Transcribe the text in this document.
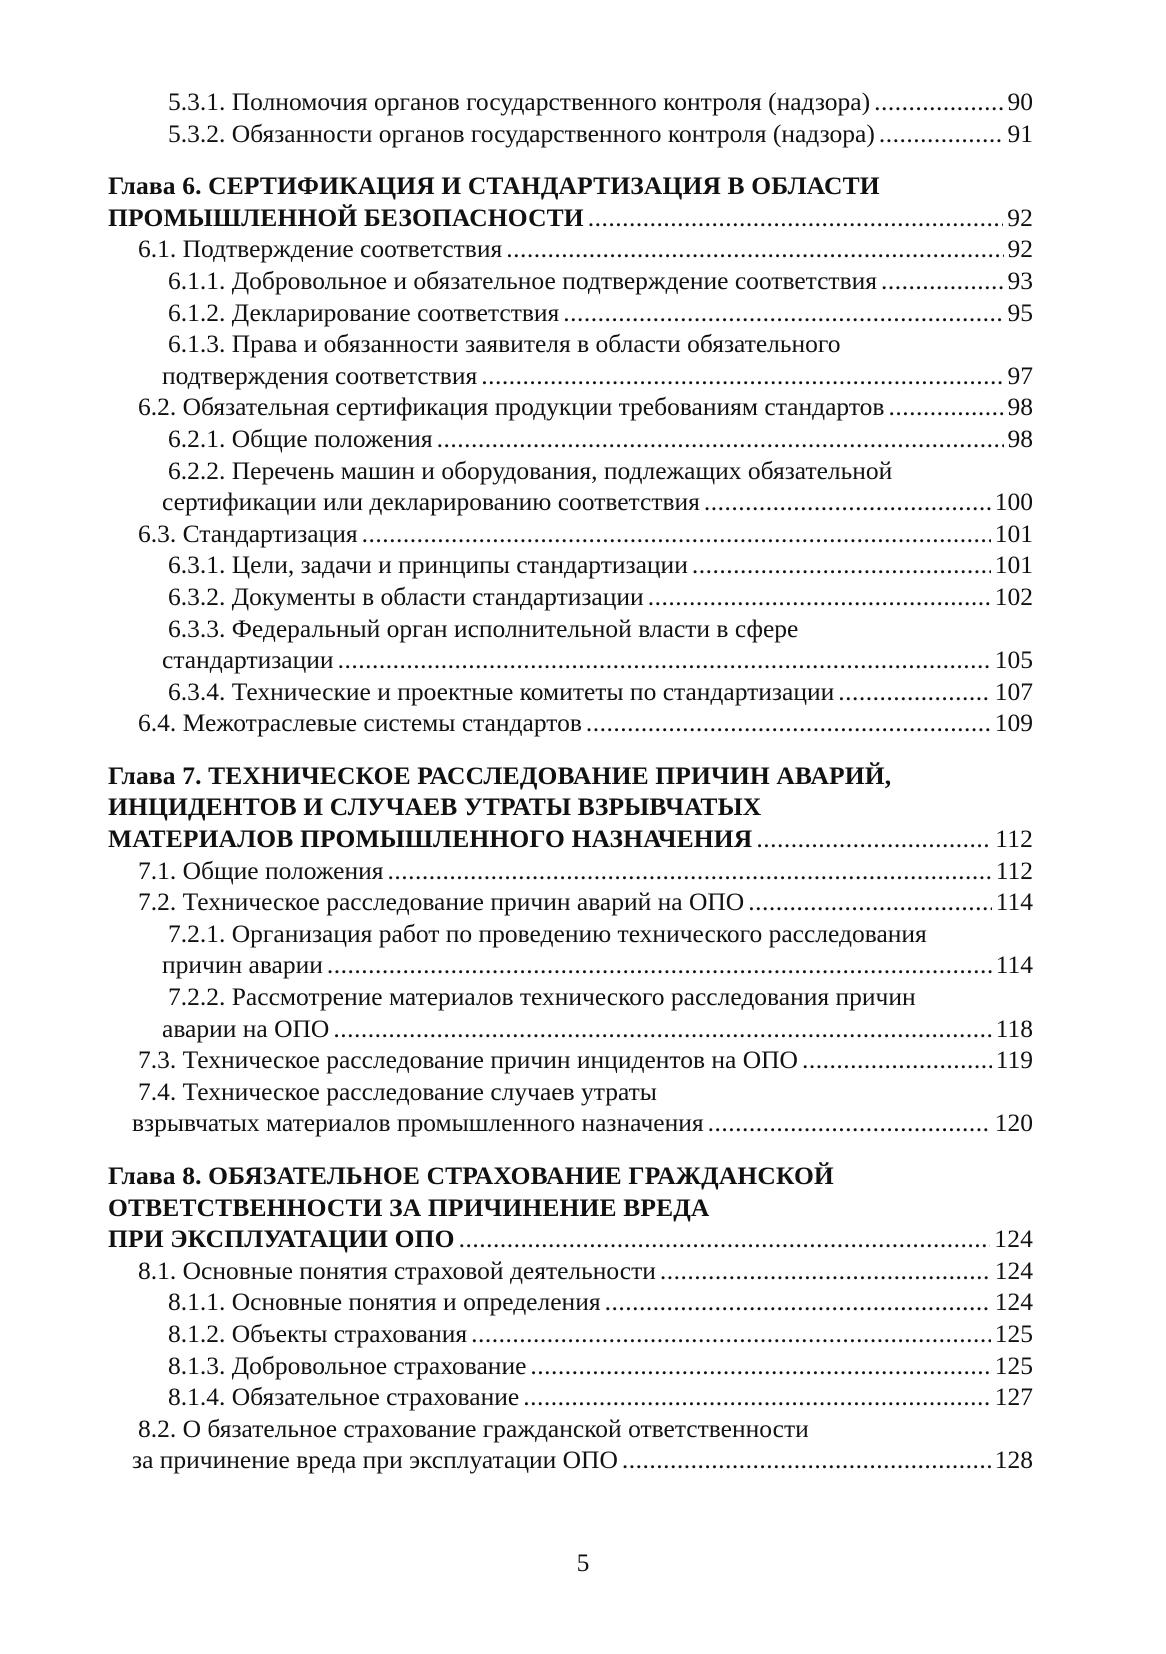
5.3.1. Полномочия органов государственного контроля (надзора) .....	90
5.3.2. Обязанности органов государственного контроля (надзора) .....	91
Глава 6. СЕРТИФИКАЦИЯ И СТАНДАРТИЗАЦИЯ В ОБЛАСТИ
ПРОМЫШЛЕННОЙ БЕЗОПАСНОСТИ .....	92
6.1. Подтверждение соответствия .....	92
6.1.1. Добровольное и обязательное подтверждение соответствия .....	93
6.1.2. Декларирование соответствия .....	95
6.1.3. Права и обязанности заявителя в области обязательного
подтверждения соответствия .....	97
6.2. Обязательная сертификация продукции требованиям стандартов .....	98
6.2.1. Общие положения .....	98
6.2.2. Перечень машин и оборудования, подлежащих обязательной
сертификации или декларированию соответствия .....	100
6.3. Стандартизация .....	101
6.3.1. Цели, задачи и принципы стандартизации .....	101
6.3.2. Документы в области стандартизации .....	102
6.3.3. Федеральный орган исполнительной власти в сфере
стандартизации .....	105
6.3.4. Технические и проектные комитеты по стандартизации .....	107
6.4. Межотраслевые системы стандартов .....	109
Глава 7. ТЕХНИЧЕСКОЕ РАССЛЕДОВАНИЕ ПРИЧИН АВАРИЙ,
ИНЦИДЕНТОВ И СЛУЧАЕВ УТРАТЫ ВЗРЫВЧАТЫХ
МАТЕРИАЛОВ ПРОМЫШЛЕННОГО НАЗНАЧЕНИЯ .....	112
7.1. Общие положения .....	112
7.2. Техническое расследование причин аварий на ОПО .....	114
7.2.1. Организация работ по проведению технического расследования
причин аварии .....	114
7.2.2. Рассмотрение материалов технического расследования причин
аварии на ОПО .....	118
7.3. Техническое расследование причин инцидентов на ОПО .....	119
7.4. Техническое расследование случаев утраты
взрывчатых материалов промышленного назначения .....	120
Глава 8. ОБЯЗАТЕЛЬНОЕ СТРАХОВАНИЕ ГРАЖДАНСКОЙ
ОТВЕТСТВЕННОСТИ ЗА ПРИЧИНЕНИЕ ВРЕДА
ПРИ ЭКСПЛУАТАЦИИ ОПО .....	124
8.1. Основные понятия страховой деятельности .....	124
8.1.1. Основные понятия и определения .....	124
8.1.2. Объекты страхования .....	125
8.1.3. Добровольное страхование .....	125
8.1.4. Обязательное страхование .....	127
8.2. О бязательное страхование гражданской ответственности
за причинение вреда при эксплуатации ОПО .....	128
5
